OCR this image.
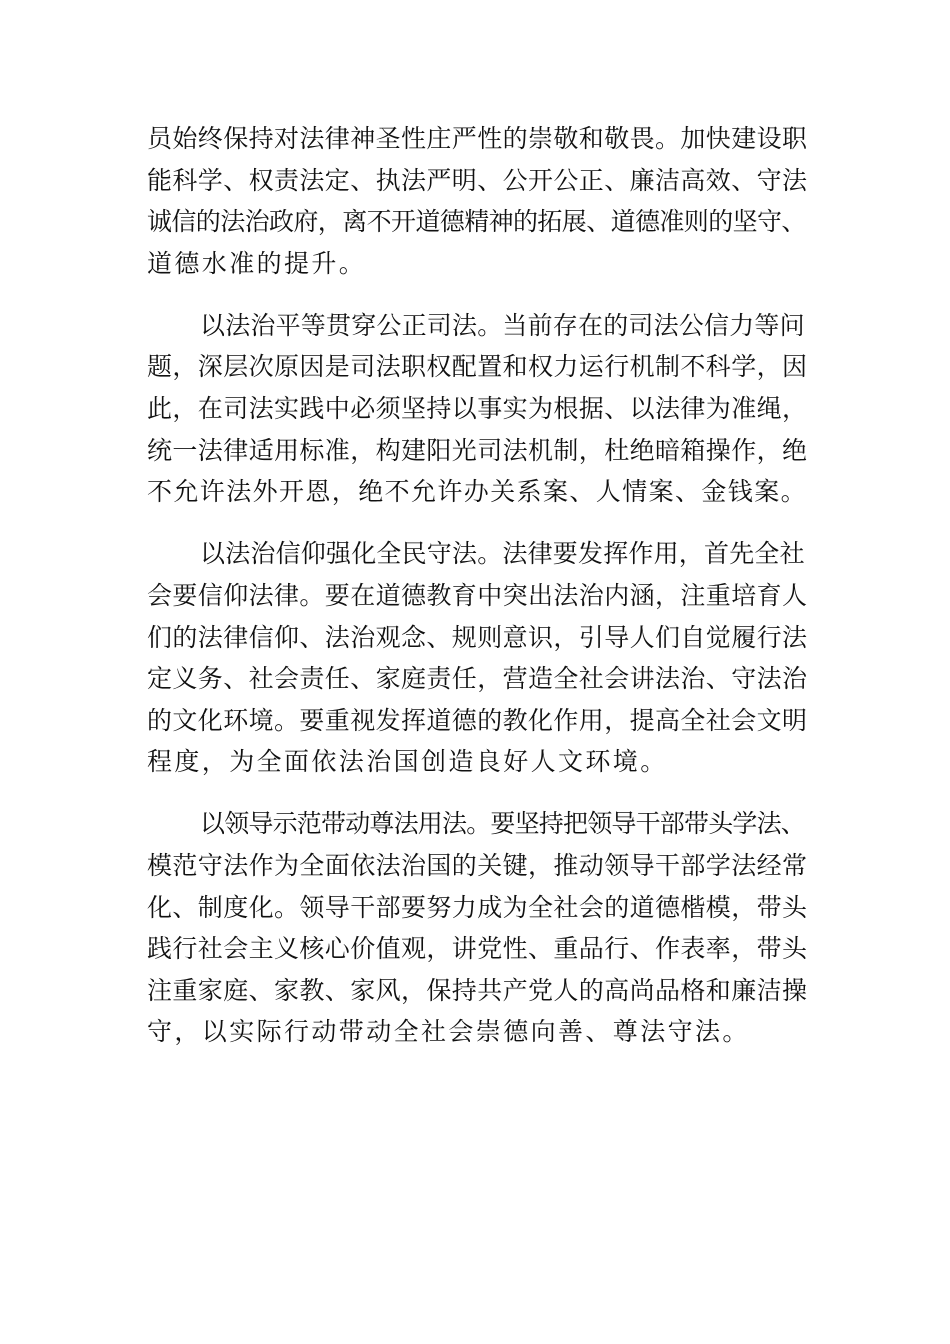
员始终保持对法律神圣性庄严性的崇敬和敬畏。加快建设职
能科学、权责法定、执法严明、公开公正、廉洁高效、守法
诚信的法治政府，离不开道德精神的拓展、道德准则的坚守、
道德水准的提升。

以法治平等贯穿公正司法。当前存在的司法公信力等问
题，深层次原因是司法职权配置和权力运行机制不科学，因
此，在司法实践中必须坚持以事实为根据、以法律为准绳，
统一法律适用标准，构建阳光司法机制，杜绝暗箱操作，绝
不允许法外开恩，绝不允许办关系案、人情案、金钱案。

以法治信仰强化全民守法。法律要发挥作用，首先全社
会要信仰法律。要在道德教育中突出法治内涵，注重培育人
们的法律信仰、法治观念、规则意识，引导人们自觉履行法
定义务、社会责任、家庭责任，营造全社会讲法治、守法治
的文化环境。要重视发挥道德的教化作用，提高全社会文明
程度，为全面依法治国创造良好人文环境。

以领导示范带动尊法用法。要坚持把领导干部带头学法、
模范守法作为全面依法治国的关键，推动领导干部学法经常
化、制度化。领导干部要努力成为全社会的道德楷模，带头
践行社会主义核心价值观，讲党性、重品行、作表率，带头
注重家庭、家教、家风，保持共产党人的高尚品格和廉洁操
守，以实际行动带动全社会崇德向善、尊法守法。
